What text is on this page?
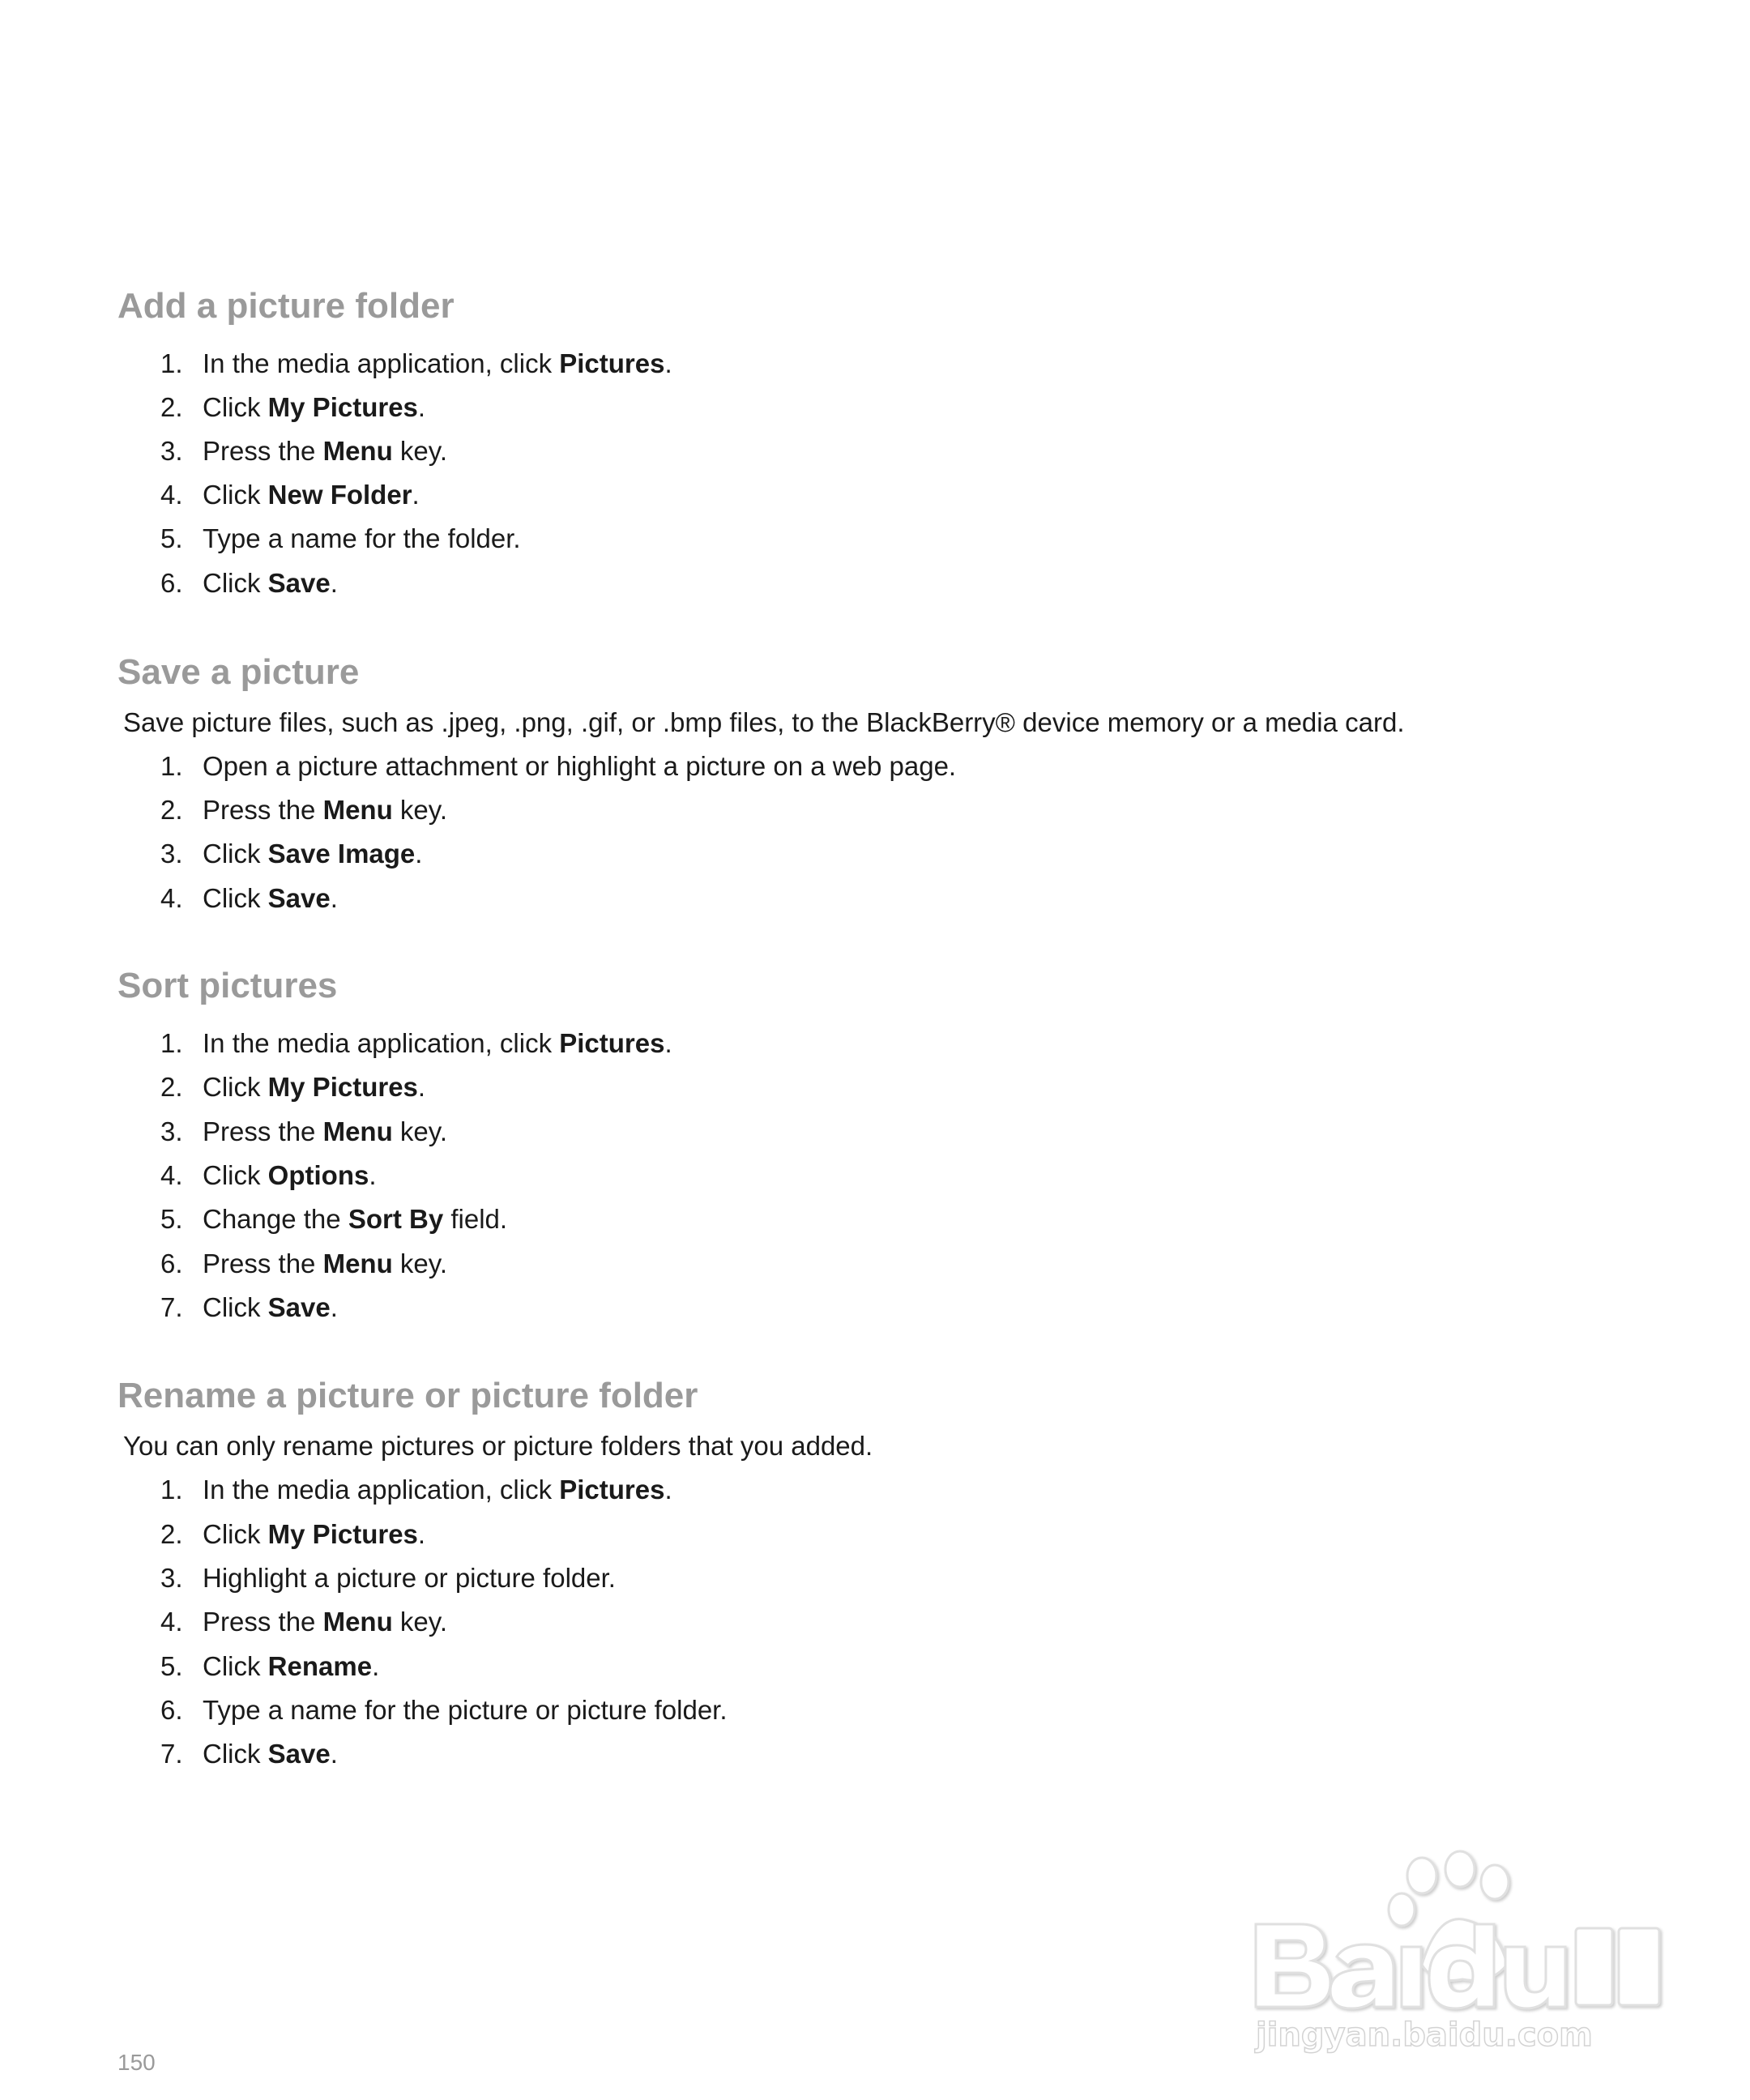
Add a picture folder
1. In the media application, click Pictures.
2. Click My Pictures.
3. Press the Menu key.
4. Click New Folder.
5. Type a name for the folder.
6. Click Save.
Save a picture

Save picture files, such as .jpeg, .png, .gif, or .bmp files, to the BlackBerry® device memory or a media card.

1. Open a picture attachment or highlight a picture on a web page.
2. Press the Menu key.
3. Click Save Image.
4. Click Save.
Sort pictures
1. In the media application, click Pictures.
2. Click My Pictures.
3. Press the Menu key.
4. Click Options.
5. Change the Sort By field.
6. Press the Menu key.
7. Click Save.
Rename a picture or picture folder

You can only rename pictures or picture folders that you added.

1. In the media application, click Pictures.
2. Click My Pictures.
3. Highlight a picture or picture folder.
4. Press the Menu key.
5. Click Rename.
6. Type a name for the picture or picture folder.
7. Click Save.
jingyan.baidu.com
150
